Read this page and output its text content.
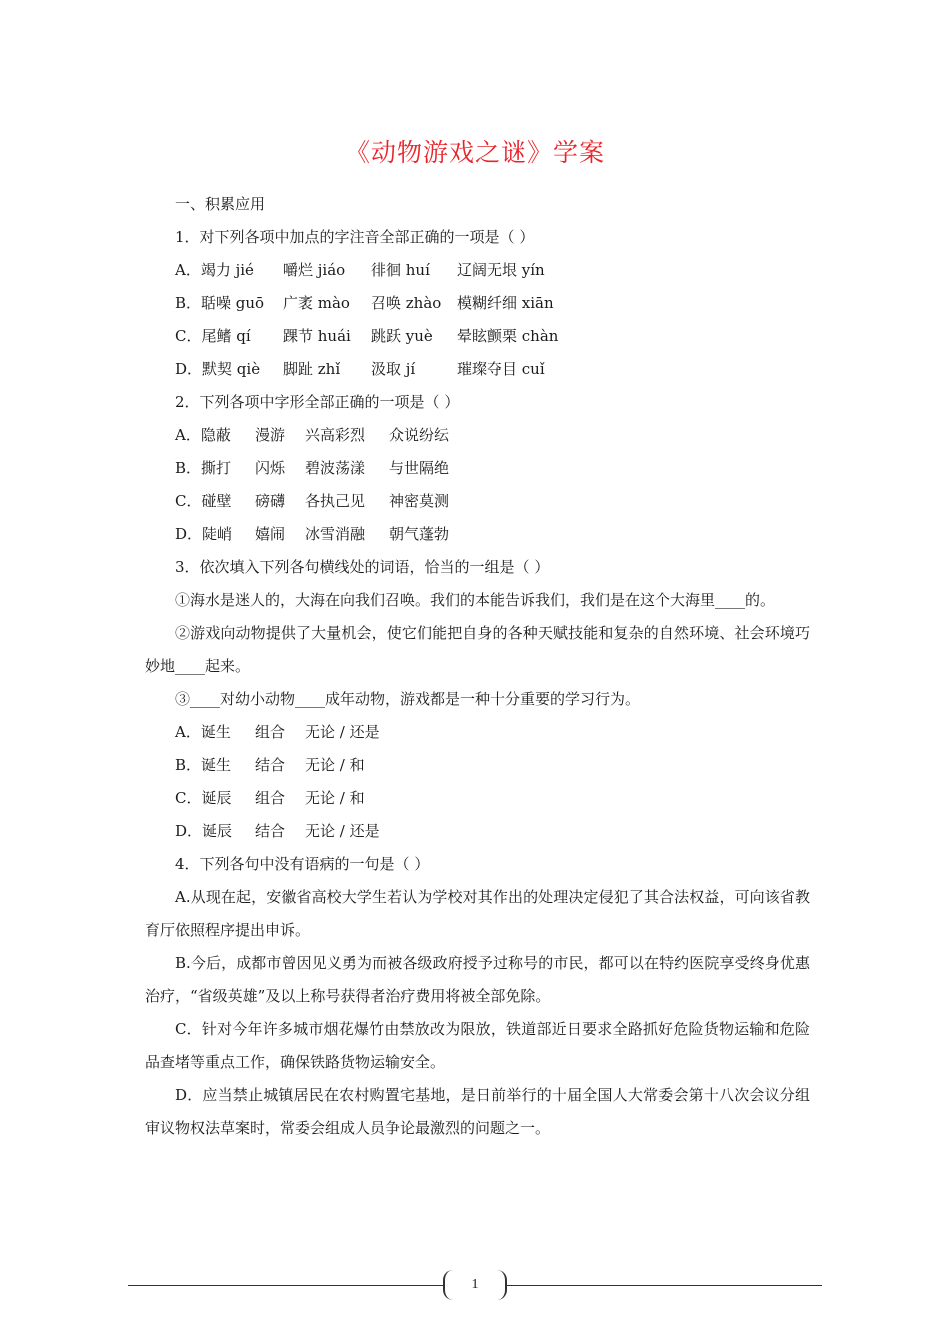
《动物游戏之谜》学案
一、积累应用
1．对下列各项中加点的字注音全部正确的一项是（ ）
A．竭力 jié 嚼烂 jiáo 徘徊 huí 辽阔无垠 yín
B．聒噪 guō 广袤 mào 召唤 zhào 模糊纤细 xiān
C．尾鳍 qí 踝节 huái 跳跃 yuè 晕眩颤栗 chàn
D．默契 qiè 脚趾 zhǐ 汲取 jí	璀璨夺目 cuǐ
2．下列各项中字形全部正确的一项是（ ）
A．隐蔽 漫游 兴高彩烈 众说纷纭
B．撕打 闪烁 碧波荡漾 与世隔绝
C．碰壁 磅礴 各执己见 神密莫测
D．陡峭 嬉闹 冰雪消融 朝气蓬勃
3．依次填入下列各句横线处的词语，恰当的一组是（ ）

①海水是迷人的，大海在向我们召唤。我们的本能告诉我们，我们是在这个大海里____的。

②游戏向动物提供了大量机会，使它们能把自身的各种天赋技能和复杂的自然环境、社会环境巧妙地____起来。

③____对幼小动物____成年动物，游戏都是一种十分重要的学习行为。
A．诞生 组合 无论 / 还是
B．诞生 结合 无论 / 和
C．诞辰 组合 无论 / 和
D．诞辰 结合 无论 / 还是
4．下列各句中没有语病的一句是（ ）

A.从现在起，安徽省高校大学生若认为学校对其作出的处理决定侵犯了其合法权益，可向该省教育厅依照程序提出申诉。

B.今后，成都市曾因见义勇为而被各级政府授予过称号的市民，都可以在特约医院享受终身优惠治疗，“省级英雄”及以上称号获得者治疗费用将被全部免除。

C．针对今年许多城市烟花爆竹由禁放改为限放，铁道部近日要求全路抓好危险货物运输和危险品查堵等重点工作，确保铁路货物运输安全。

D．应当禁止城镇居民在农村购置宅基地，是日前举行的十届全国人大常委会第十八次会议分组审议物权法草案时，常委会组成人员争论最激烈的问题之一。

1
